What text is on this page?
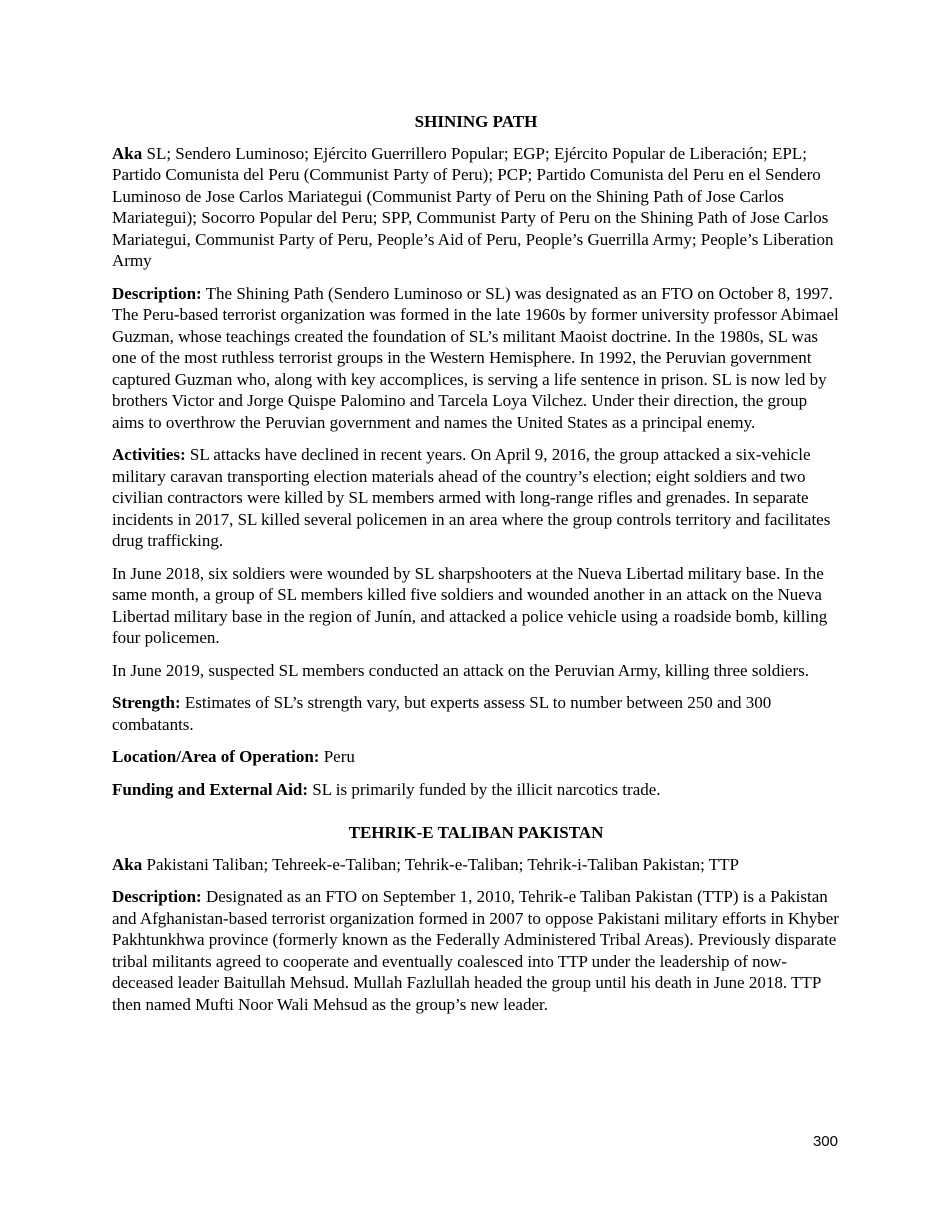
SHINING PATH

Aka SL; Sendero Luminoso; Ejército Guerrillero Popular; EGP; Ejército Popular de Liberación; EPL; Partido Comunista del Peru (Communist Party of Peru); PCP; Partido Comunista del Peru en el Sendero Luminoso de Jose Carlos Mariategui (Communist Party of Peru on the Shining Path of Jose Carlos Mariategui); Socorro Popular del Peru; SPP, Communist Party of Peru on the Shining Path of Jose Carlos Mariategui, Communist Party of Peru, People’s Aid of Peru, People’s Guerrilla Army; People’s Liberation Army

Description: The Shining Path (Sendero Luminoso or SL) was designated as an FTO on October 8, 1997. The Peru-based terrorist organization was formed in the late 1960s by former university professor Abimael Guzman, whose teachings created the foundation of SL’s militant Maoist doctrine. In the 1980s, SL was one of the most ruthless terrorist groups in the Western Hemisphere. In 1992, the Peruvian government captured Guzman who, along with key accomplices, is serving a life sentence in prison. SL is now led by brothers Victor and Jorge Quispe Palomino and Tarcela Loya Vilchez. Under their direction, the group aims to overthrow the Peruvian government and names the United States as a principal enemy.

Activities: SL attacks have declined in recent years. On April 9, 2016, the group attacked a six-vehicle military caravan transporting election materials ahead of the country’s election; eight soldiers and two civilian contractors were killed by SL members armed with long-range rifles and grenades. In separate incidents in 2017, SL killed several policemen in an area where the group controls territory and facilitates drug trafficking.

In June 2018, six soldiers were wounded by SL sharpshooters at the Nueva Libertad military base. In the same month, a group of SL members killed five soldiers and wounded another in an attack on the Nueva Libertad military base in the region of Junín, and attacked a police vehicle using a roadside bomb, killing four policemen.

In June 2019, suspected SL members conducted an attack on the Peruvian Army, killing three soldiers.

Strength: Estimates of SL’s strength vary, but experts assess SL to number between 250 and 300 combatants.

Location/Area of Operation: Peru

Funding and External Aid: SL is primarily funded by the illicit narcotics trade.

TEHRIK-E TALIBAN PAKISTAN

Aka Pakistani Taliban; Tehreek-e-Taliban; Tehrik-e-Taliban; Tehrik-i-Taliban Pakistan; TTP

Description: Designated as an FTO on September 1, 2010, Tehrik-e Taliban Pakistan (TTP) is a Pakistan and Afghanistan-based terrorist organization formed in 2007 to oppose Pakistani military efforts in Khyber Pakhtunkhwa province (formerly known as the Federally Administered Tribal Areas). Previously disparate tribal militants agreed to cooperate and eventually coalesced into TTP under the leadership of now-deceased leader Baitullah Mehsud. Mullah Fazlullah headed the group until his death in June 2018. TTP then named Mufti Noor Wali Mehsud as the group’s new leader.

300
